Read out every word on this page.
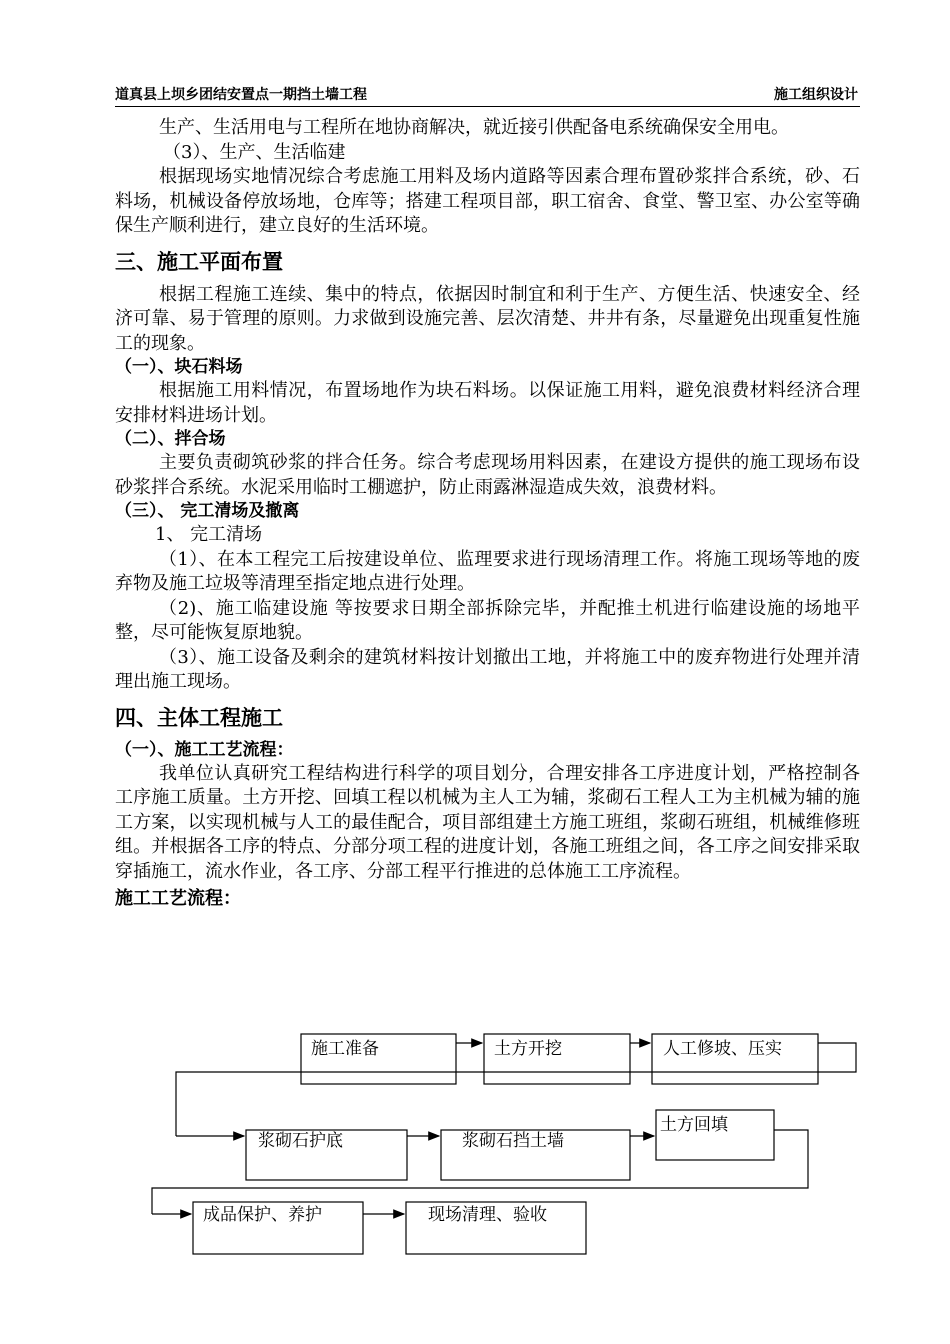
道真县上坝乡团结安置点一期挡土墙工程	施工组织设计

生产、生活用电与工程所在地协商解决，就近接引供配备电系统确保安全用电。

（3）、生产、生活临建

根据现场实地情况综合考虑施工用料及场内道路等因素合理布置砂浆拌合系统，砂、石料场，机械设备停放场地，仓库等；搭建工程项目部，职工宿舍、食堂、警卫室、办公室等确保生产顺利进行，建立良好的生活环境。

三、施工平面布置

根据工程施工连续、集中的特点，依据因时制宜和利于生产、方便生活、快速安全、经济可靠、易于管理的原则。力求做到设施完善、层次清楚、井井有条，尽量避免出现重复性施工的现象。

（一）、块石料场

根据施工用料情况，布置场地作为块石料场。以保证施工用料，避免浪费材料经济合理安排材料进场计划。

（二）、拌合场

主要负责砌筑砂浆的拌合任务。综合考虑现场用料因素，在建设方提供的施工现场布设砂浆拌合系统。水泥采用临时工棚遮护，防止雨露淋湿造成失效，浪费材料。

（三）、 完工清场及撤离

1、 完工清场

（1）、在本工程完工后按建设单位、监理要求进行现场清理工作。将施工现场等地的废弃物及施工垃圾等清理至指定地点进行处理。

（2)、施工临建设施 等按要求日期全部拆除完毕，并配推土机进行临建设施的场地平整，尽可能恢复原地貌。

（3）、施工设备及剩余的建筑材料按计划撤出工地，并将施工中的废弃物进行处理并清理出施工现场。

四、主体工程施工

（一）、施工工艺流程：

我单位认真研究工程结构进行科学的项目划分，合理安排各工序进度计划，严格控制各工序施工质量。土方开挖、回填工程以机械为主人工为辅，浆砌石工程人工为主机械为辅的施工方案，以实现机械与人工的最佳配合，项目部组建土方施工班组，浆砌石班组，机械维修班组。并根据各工序的特点、分部分项工程的进度计划，各施工班组之间，各工序之间安排采取穿插施工，流水作业，各工序、分部工程平行推进的总体施工工序流程。

施工工艺流程：

施工准备	土方开挖	人工修坡、压实
浆砌石护底	浆砌石挡土墙
土方回填
成品保护、养护	现场清理、验收
